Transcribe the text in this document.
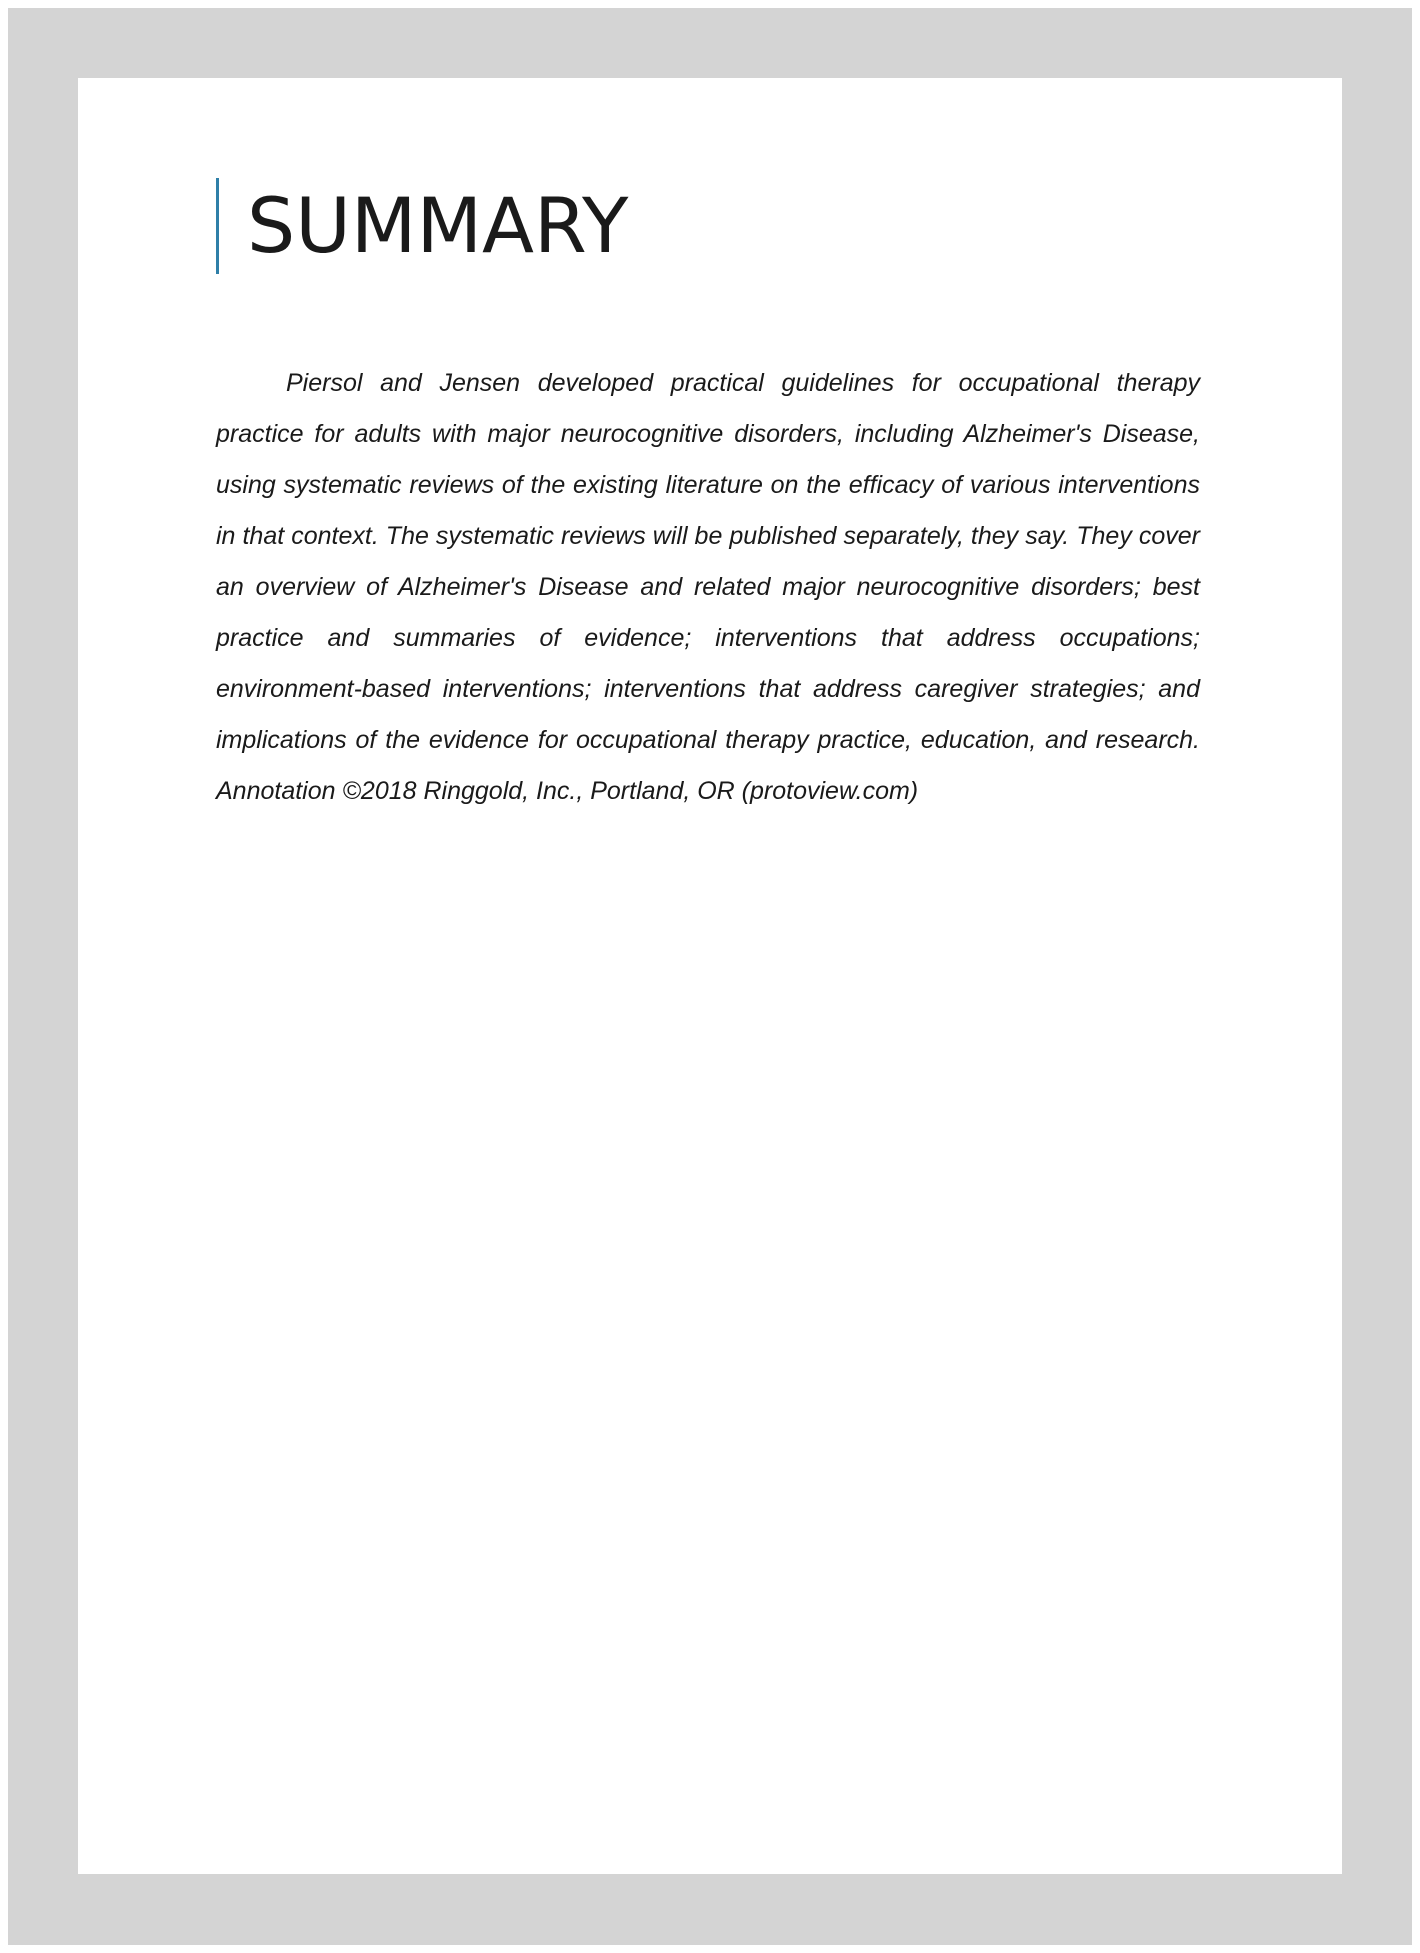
SUMMARY

Piersol and Jensen developed practical guidelines for occupational therapy practice for adults with major neurocognitive disorders, including Alzheimer's Disease, using systematic reviews of the existing literature on the efficacy of various interventions in that context. The systematic reviews will be published separately, they say. They cover an overview of Alzheimer's Disease and related major neurocognitive disorders; best practice and summaries of evidence; interventions that address occupations; environment-based interventions; interventions that address caregiver strategies; and implications of the evidence for occupational therapy practice, education, and research. Annotation ©2018 Ringgold, Inc., Portland, OR (protoview.com)
